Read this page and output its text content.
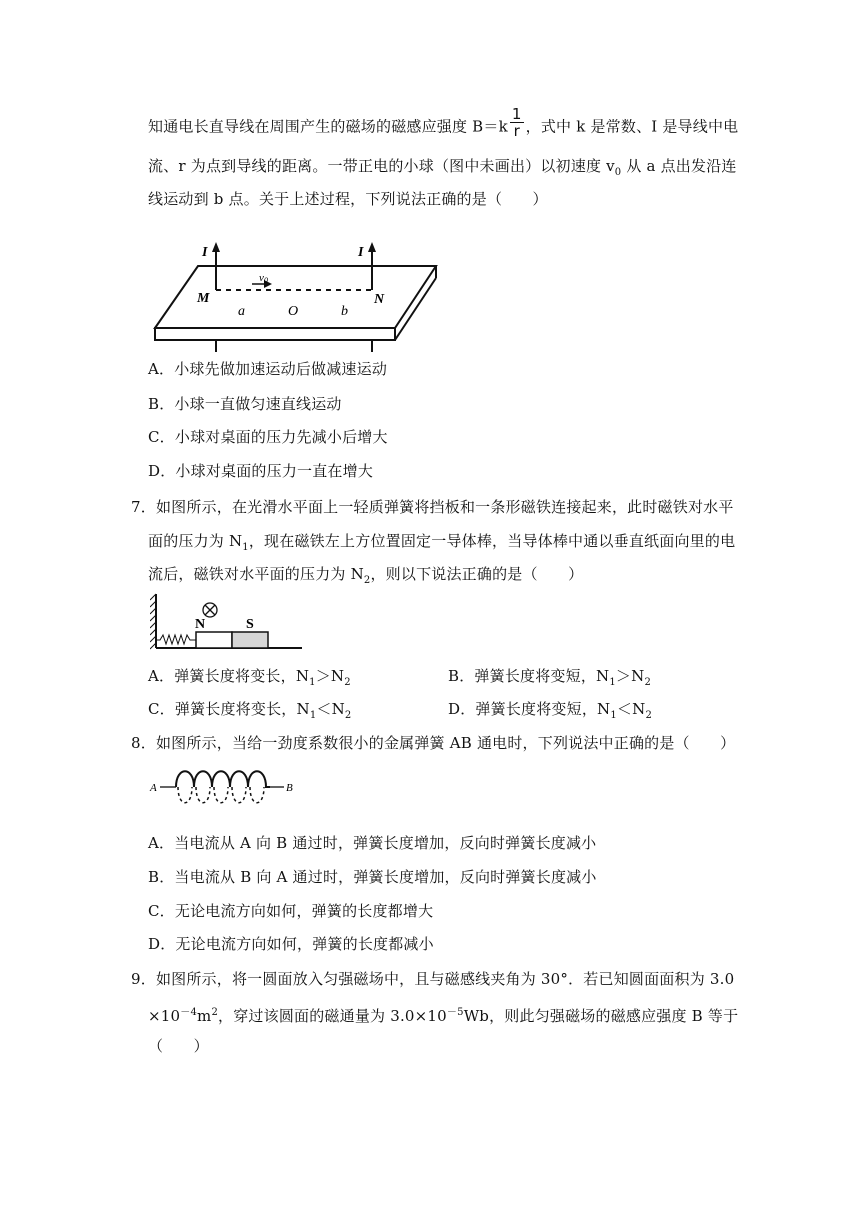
知通电长直导线在周围产生的磁场的磁感应强度 $B=k \frac{1}{r}$ ，式中 k 是常数、I 是导线中电
流、r 为点到导线的距离。一带正电的小球（图中未画出）以初速度 $v_0$ 从 a 点出发沿连
线运动到 b 点。关于上述过程，下列说法正确的是（　　）
I	I
v0
M	N
a	O	b
A．小球先做加速运动后做减速运动
B．小球一直做匀速直线运动
C．小球对桌面的压力先减小后增大
D．小球对桌面的压力一直在增大
7．如图所示，在光滑水平面上一轻质弹簧将挡板和一条形磁铁连接起来，此时磁铁对水平
面的压力为 $N_1$，现在磁铁左上方位置固定一导体棒，当导体棒中通以垂直纸面向里的电
流后，磁铁对水平面的压力为 $N_2$，则以下说法正确的是（　　）
N	S
A．弹簧长度将变长，$N_1>N_2$	B．弹簧长度将变短，$N_1>N_2$
C．弹簧长度将变长，$N_1<N_2$	D．弹簧长度将变短，$N_1<N_2$
8．如图所示，当给一劲度系数很小的金属弹簧 AB 通电时，下列说法中正确的是（　　）
A	B
A．当电流从 A 向 B 通过时，弹簧长度增加，反向时弹簧长度减小
B．当电流从 B 向 A 通过时，弹簧长度增加，反向时弹簧长度减小
C．无论电流方向如何，弹簧的长度都增大
D．无论电流方向如何，弹簧的长度都减小
9．如图所示，将一圆面放入匀强磁场中，且与磁感线夹角为 30°．若已知圆面面积为 3.0
$\times 10^{-4}m^2$，穿过该圆面的磁通量为 $3.0\times 10^{-5}Wb$，则此匀强磁场的磁感应强度 B 等于
（　　）
